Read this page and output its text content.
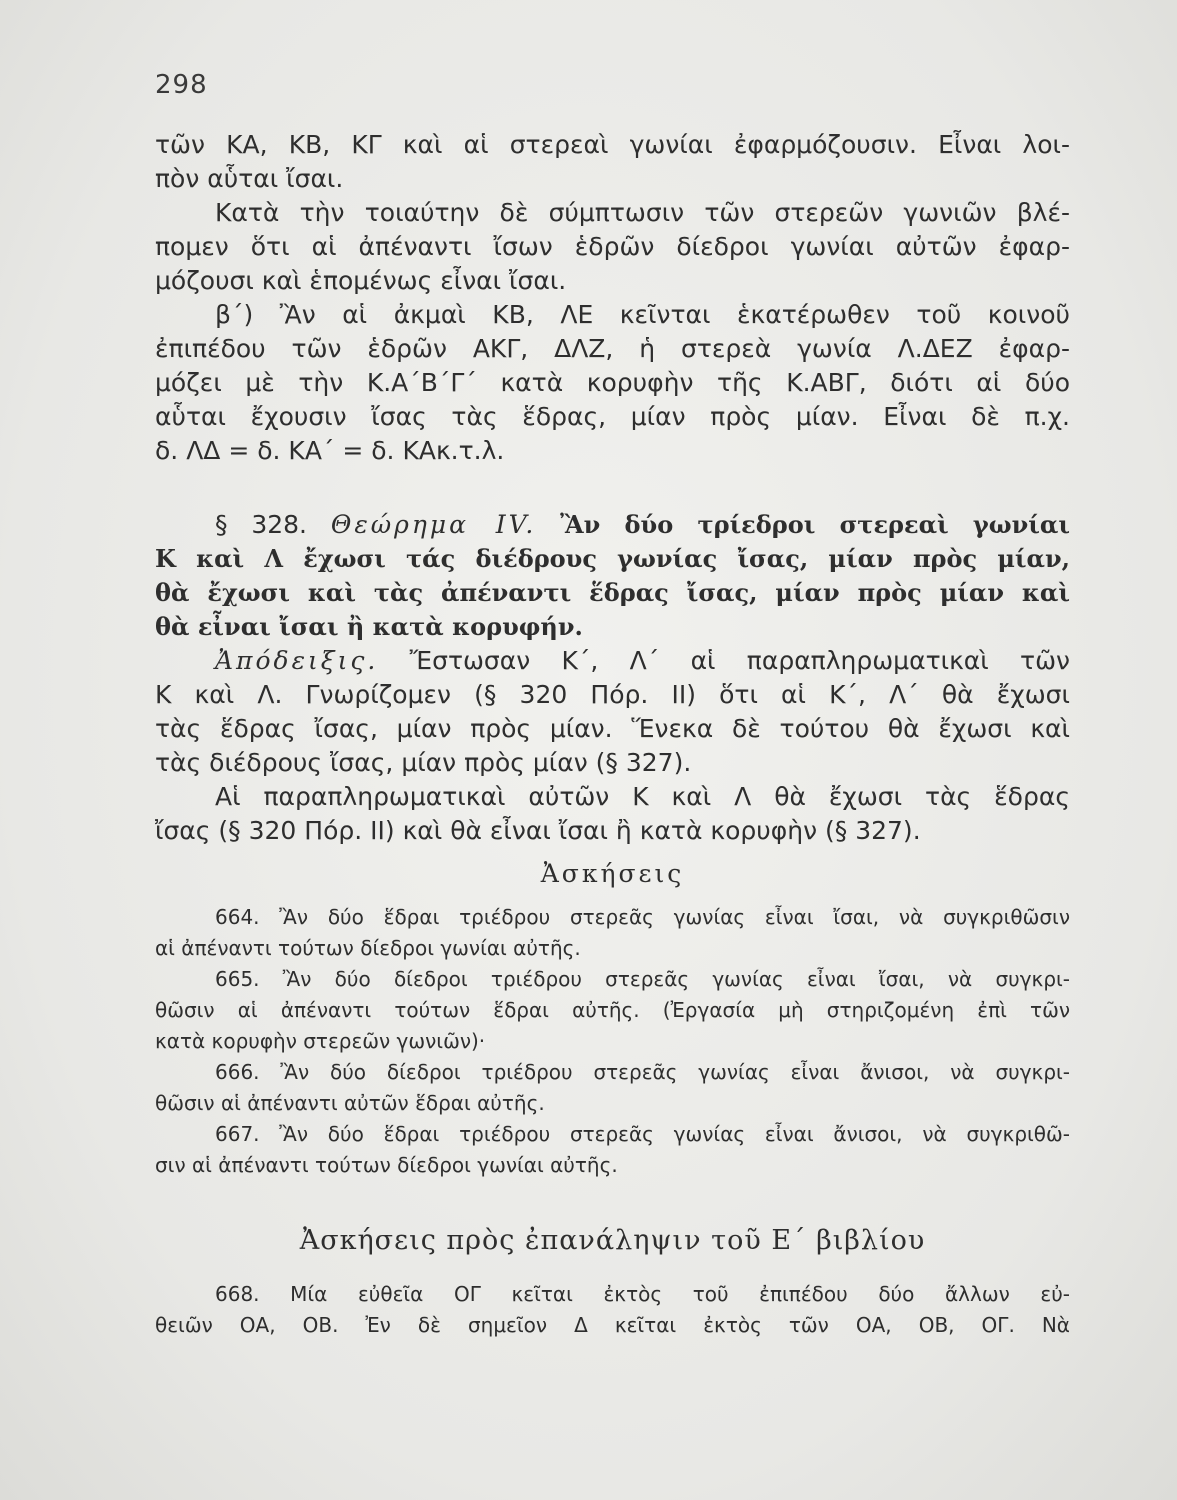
298
τῶν ΚΑ, ΚΒ, ΚΓ καὶ αἱ στερεαὶ γωνίαι ἐφαρμόζουσιν. Εἶναι λοι-
πὸν αὗται ἴσαι.
Κατὰ τὴν τοιαύτην δὲ σύμπτωσιν τῶν στερεῶν γωνιῶν βλέ-
πομεν ὅτι αἱ ἀπέναντι ἴσων ἑδρῶν δίεδροι γωνίαι αὐτῶν ἐφαρ-
μόζουσι καὶ ἑπομένως εἶναι ἴσαι.
β΄) Ἂν αἱ ἀκμαὶ ΚΒ, ΛΕ κεῖνται ἑκατέρωθεν τοῦ κοινοῦ
ἐπιπέδου τῶν ἑδρῶν ΑΚΓ, ΔΛΖ, ἡ στερεὰ γωνία Λ.ΔΕΖ ἐφαρ-
μόζει μὲ τὴν Κ.Α΄Β΄Γ΄ κατὰ κορυφὴν τῆς Κ.ΑΒΓ, διότι αἱ δύο
αὗται ἔχουσιν ἴσας τὰς ἕδρας, μίαν πρὸς μίαν. Εἶναι δὲ π.χ.
δ. ΛΔ = δ. ΚΑ΄ = δ. ΚΑκ.τ.λ.
§ 328. Θεώρημα IV. Ἂν δύο τρίεδροι στερεαὶ γωνίαι
Κ καὶ Λ ἔχωσι τάς διέδρους γωνίας ἴσας, μίαν πρὸς μίαν,
θὰ ἔχωσι καὶ τὰς ἀπέναντι ἕδρας ἴσας, μίαν πρὸς μίαν καὶ
θὰ εἶναι ἴσαι ἢ κατὰ κορυφήν.
Ἀπόδειξις. Ἔστωσαν Κ΄, Λ΄ αἱ παραπληρωματικαὶ τῶν
Κ καὶ Λ. Γνωρίζομεν (§ 320 Πόρ. ΙΙ) ὅτι αἱ Κ΄, Λ΄ θὰ ἔχωσι
τὰς ἕδρας ἴσας, μίαν πρὸς μίαν. Ἕνεκα δὲ τούτου θὰ ἔχωσι καὶ
τὰς διέδρους ἴσας, μίαν πρὸς μίαν (§ 327).
Αἱ παραπληρωματικαὶ αὐτῶν Κ καὶ Λ θὰ ἔχωσι τὰς ἕδρας
ἴσας (§ 320 Πόρ. ΙΙ) καὶ θὰ εἶναι ἴσαι ἢ κατὰ κορυφὴν (§ 327).
Ἀσκήσεις
664. Ἂν δύο ἕδραι τριέδρου στερεᾶς γωνίας εἶναι ἴσαι, νὰ συγκριθῶσιν
αἱ ἀπέναντι τούτων δίεδροι γωνίαι αὐτῆς.
665. Ἂν δύο δίεδροι τριέδρου στερεᾶς γωνίας εἶναι ἴσαι, νὰ συγκρι-
θῶσιν αἱ ἀπέναντι τούτων ἕδραι αὐτῆς. (Ἐργασία μὴ στηριζομένη ἐπὶ τῶν
κατὰ κορυφὴν στερεῶν γωνιῶν)·
666. Ἂν δύο δίεδροι τριέδρου στερεᾶς γωνίας εἶναι ἄνισοι, νὰ συγκρι-
θῶσιν αἱ ἀπέναντι αὐτῶν ἕδραι αὐτῆς.
667. Ἂν δύο ἕδραι τριέδρου στερεᾶς γωνίας εἶναι ἄνισοι, νὰ συγκριθῶ-
σιν αἱ ἀπέναντι τούτων δίεδροι γωνίαι αὐτῆς.
Ἀσκήσεις πρὸς ἐπανάληψιν τοῦ Ε΄ βιβλίου
668. Μία εὐθεῖα ΟΓ κεῖται ἐκτὸς τοῦ ἐπιπέδου δύο ἄλλων εὐ-
θειῶν ΟΑ, ΟΒ. Ἐν δὲ σημεῖον Δ κεῖται ἐκτὸς τῶν ΟΑ, ΟΒ, ΟΓ. Νὰ
